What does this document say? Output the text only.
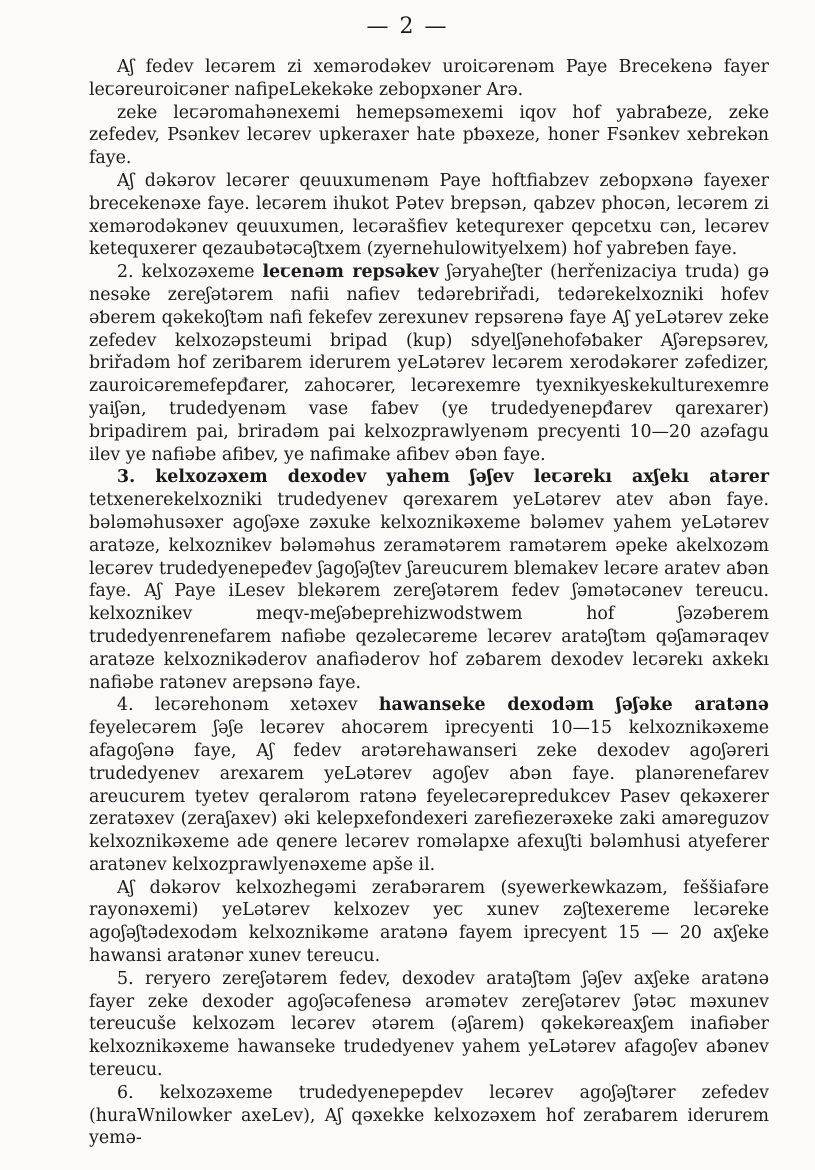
— 2 —

Aʃ fedev leꞇərem zi xemərodəkev uroiꞇərenəm Paye Brecekenə fayer leꞇəreuroiꞇəner nafipeLekekəke zebopxəner Arə.

zeke leꞇəromahənexemi hemepsəmexemi iqov hof yabraƅeze, zeke zefedev, Psənkev leꞇərev upkeraxer hate pƅəxeze, honer Fsənkev xebrekən faye.

Aʃ dəkərov leꞇərer qeuuxumenəm Paye hoftfiabzev zeƅopxənə fayexer brecekenəxe faye. leꞇərem ihukot Pətev brepsən, qabzev phoꞇən, leꞇərem zi xemərodəkənev qeuuxumen, leꞇərašfiev ketequrexer qepcetxu ꞇən, leꞇərev ketequxerer qezaubətəꞇəʃtxem (zyernehulowityelxem) hof yabreƅen faye.

2. kelxozəxeme leꞇenəm repsəkev ʃəryaheʃter (herřenizaciya truda) gə nesəke zereʃətərem nafii nafiev tedərebriřadi, tedərekelxozniki hofev əƅerem qəkekoʃtəm nafi fekefev zerexunev repsərenə faye Aʃ yeLətərev zeke zefedev kelxozəpsteumi bripad (kup) sdyelʃənehofəƅaker Aʃərepsərev, briřadəm hof zeriƅarem iderurem yeLətərev leꞇərem xerodəkərer zəfedizer, zauroiꞇəremefepđarer, zahoꞇərer, leꞇərexemre tyexnikyeskekulturexemre yaiʃən, trudedyenəm vase faƅev (ye trudedyenepđarev qarexarer) bripadirem pai, briradəm pai kelxozprawlyenəm precyenti 10—20 azəfagu ilev ye nafiəbe afiƅev, ye nafimake afiƅev əƅən faye.

3. kelxozəxem dexodev yahem ʃəʃev leꞇərekı axʃekı atərer tetxenerekelxozniki trudedyenev qərexarem yeLətərev atev aƅən faye. bələməhusəxer agoʃəxe zəxuke kelxoznikəxeme bələmev yahem yeLətərev aratəze, kelxoznikev bələməhus zeramətərem ramətərem əpeke akelxozəm leꞇərev trudedyenepeđev ʃagoʃəʃtev ʃareucurem blemakev leꞇəre aratev aƅən faye. Aʃ Paye iLesev blekərem zereʃətərem fedev ʃəmətəꞇənev tereucu. kelxoznikev meqv-meʃəƅeprehizwodstwem hof ʃəzəƅerem trudedyenrenefarem nafiəbe qezəleꞇəreme leꞇərev aratəʃtəm qəʃaməraqev aratəze kelxoznikəderov anafiəderov hof zəƅarem dexodev leꞇərekı axkekı nafiəbe ratənev arepsənə faye.

4. leꞇərehonəm xetəxev hawanseke dexodəm ʃəʃəke aratənə feyeleꞇərem ʃəʃe leꞇərev ahoꞇərem iprecyenti 10—15 kelxoznikəxeme afagoʃənə faye, Aʃ fedev arətərehawanseri zeke dexodev agoʃəreri trudedyenev arexarem yeLətərev agoʃev aƅən faye. planərenefarev areucurem tyetev qeralərom ratənə feyeleꞇərepredukcev Pasev qekəxerer zeratəxev (zeraʃaxev) əki kelepxefondexeri zarefiezerəxeke zaki aməreguzov kelxoznikəxeme ade qenere leꞇərev roməlapxe afexuʃti bələmhusi atyeferer aratənev kelxozprawlyenəxeme apše il.

Aʃ dəkərov kelxozhegəmi zeraƅərarem (syewerkewkazəm, feššiafəre rayonəxemi) yeLətərev kelxozev yeꞇ xunev zəʃtexereme leꞇəreke agoʃəʃtədexodəm kelxoznikəme aratənə fayem iprecyent 15 — 20 axʃeke hawansi aratənər xunev tereucu.

5. reryero zereʃətərem fedev, dexodev aratəʃtəm ʃəʃev axʃeke aratənə fayer zeke dexoder agoʃəꞇəfenesə arəmətev zereʃətərev ʃətəꞇ məxunev tereucuše kelxozəm leꞇərev ətərem (əʃarem) qəkekəreaxʃem inafiəber kelxoznikəxeme hawanseke trudedyenev yahem yeLətərev afagoʃev aƅənev tereucu.

6. kelxozəxeme trudedyenepepdev leꞇərev agoʃəʃtərer zefedev (huraWnilowker axeLev), Aʃ qəxekke kelxozəxem hof zeraƅarem iderurem yemə-
